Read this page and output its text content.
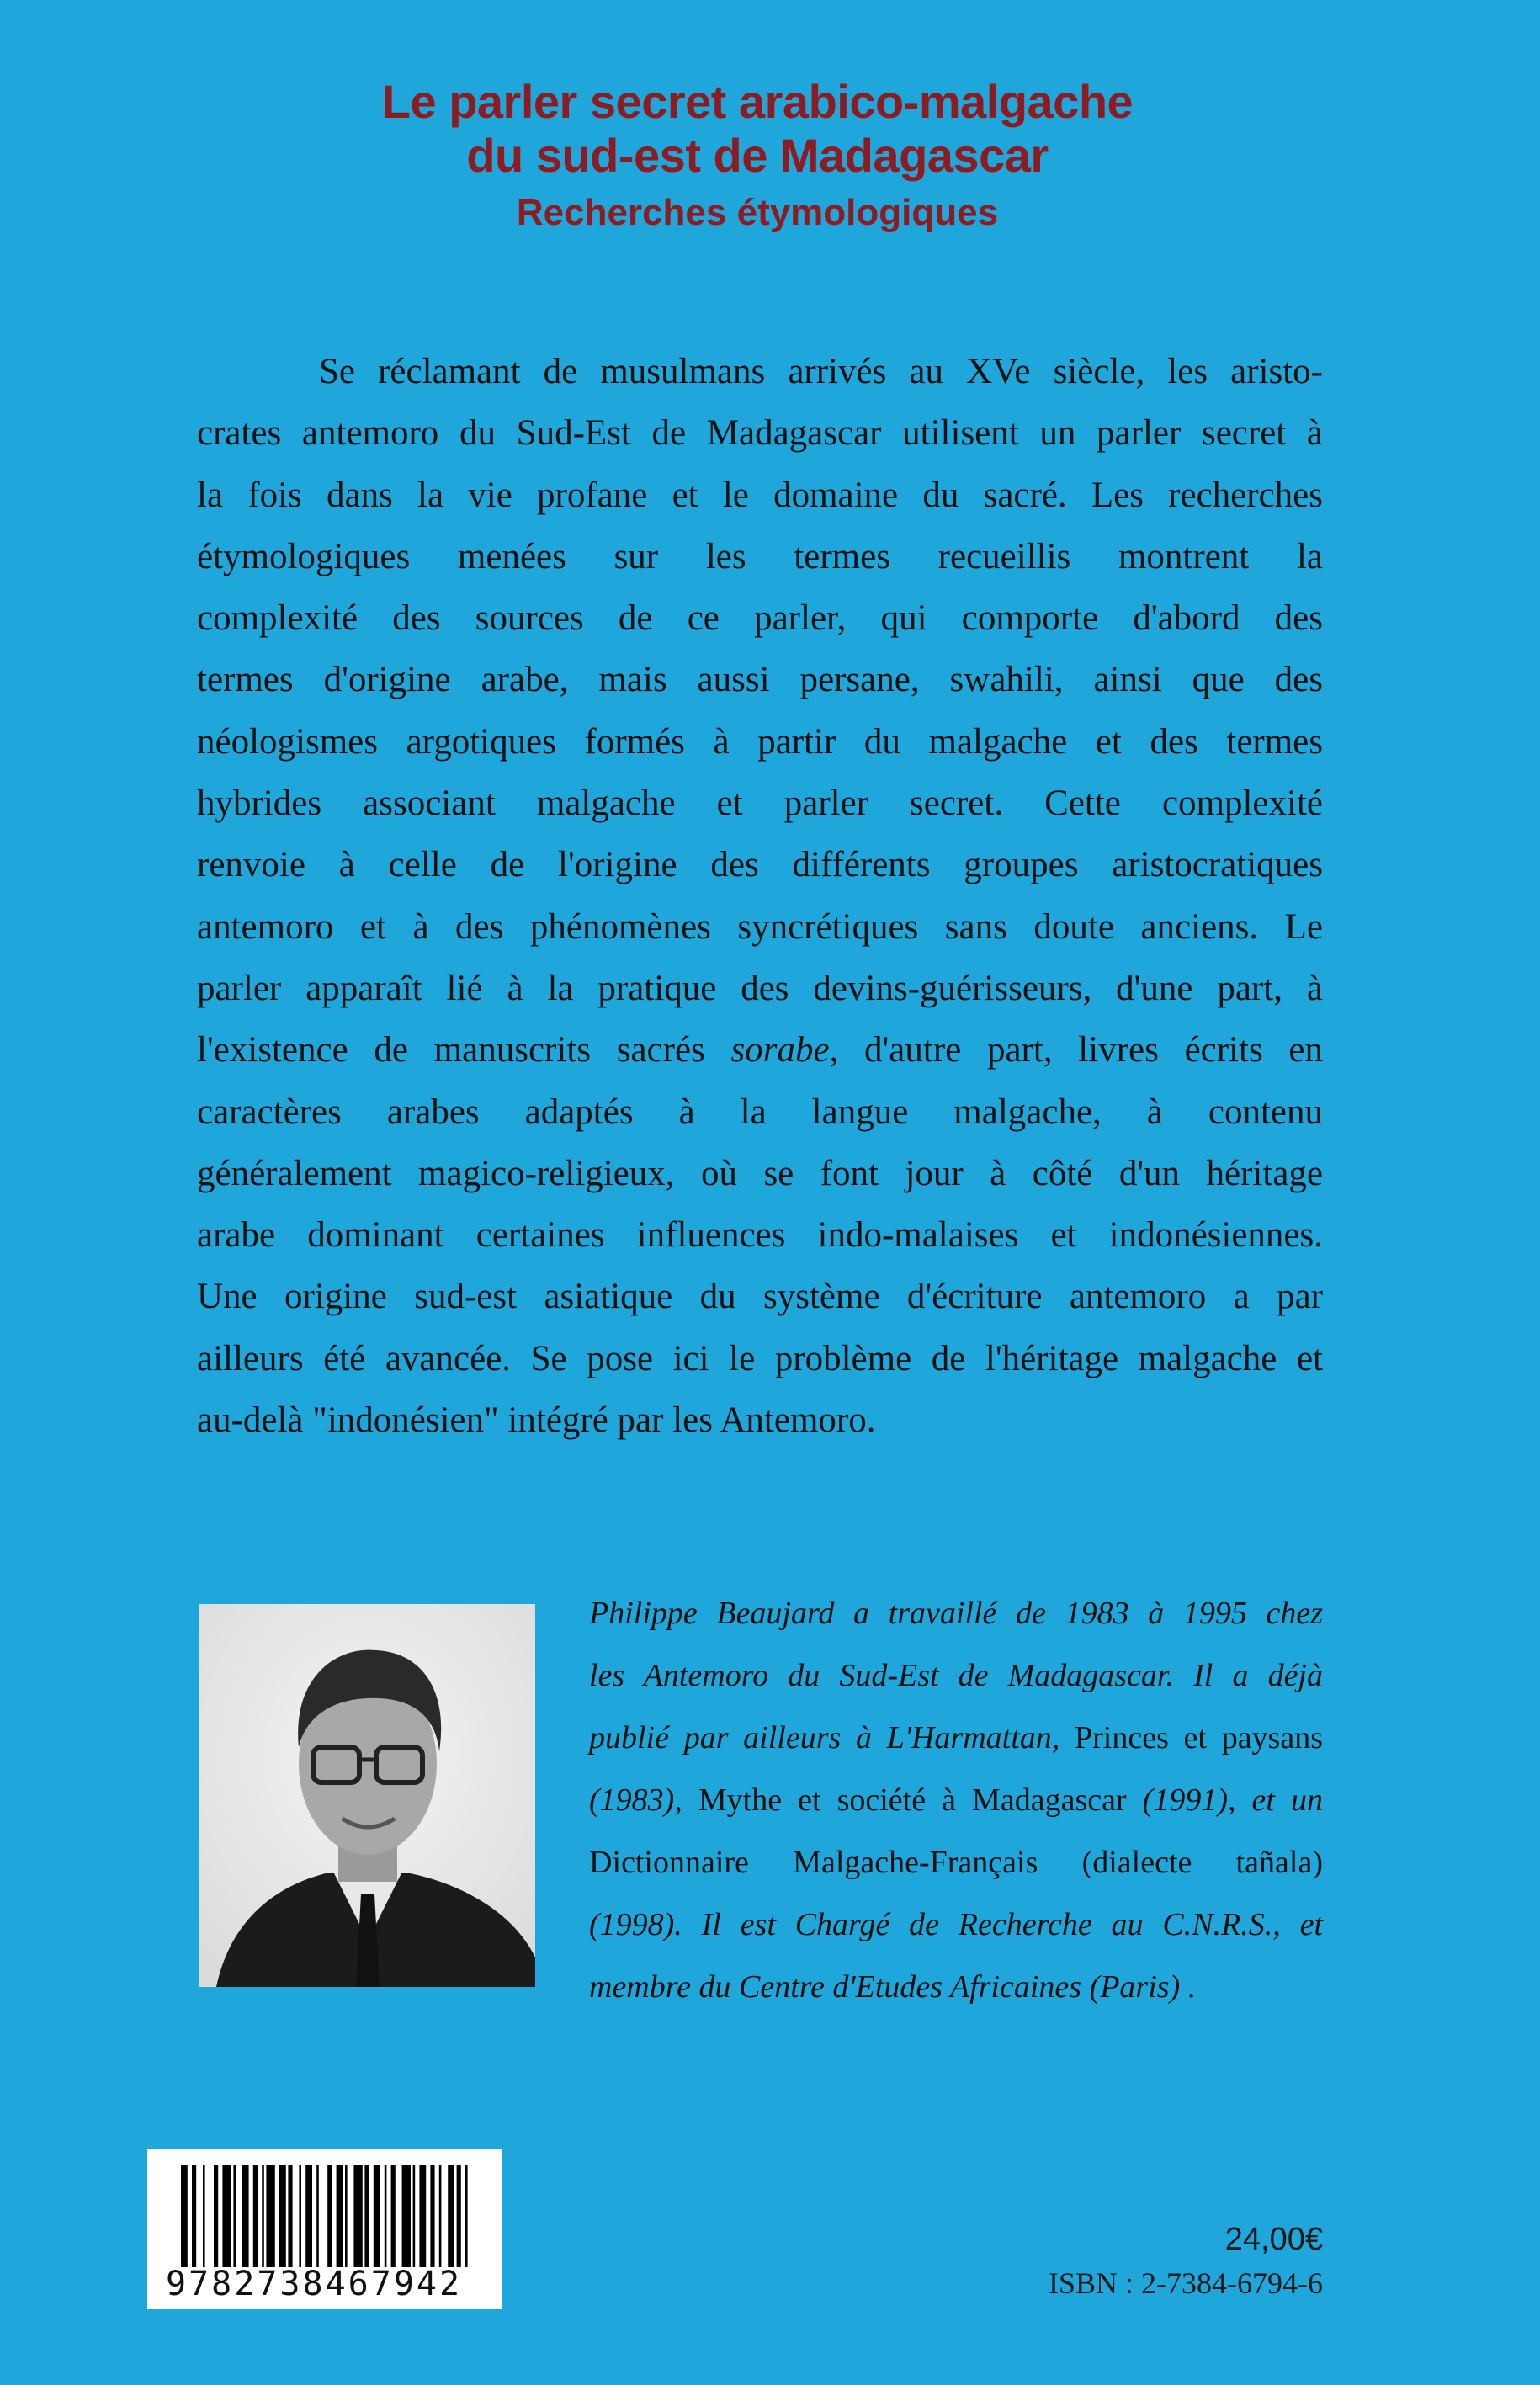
Le parler secret arabico-malgache
du sud-est de Madagascar
Recherches étymologiques
Se réclamant de musulmans arrivés au XVe siècle, les aristo-
crates antemoro du Sud-Est de Madagascar utilisent un parler secret à
la fois dans la vie profane et le domaine du sacré. Les recherches
étymologiques menées sur les termes recueillis montrent la
complexité des sources de ce parler, qui comporte d'abord des
termes d'origine arabe, mais aussi persane, swahili, ainsi que des
néologismes argotiques formés à partir du malgache et des termes
hybrides associant malgache et parler secret. Cette complexité
renvoie à celle de l'origine des différents groupes aristocratiques
antemoro et à des phénomènes syncrétiques sans doute anciens. Le
parler apparaît lié à la pratique des devins-guérisseurs, d'une part, à
l'existence de manuscrits sacrés sorabe, d'autre part, livres écrits en
caractères arabes adaptés à la langue malgache, à contenu
généralement magico-religieux, où se font jour à côté d'un héritage
arabe dominant certaines influences indo-malaises et indonésiennes.
Une origine sud-est asiatique du système d'écriture antemoro a par
ailleurs été avancée. Se pose ici le problème de l'héritage malgache et
au-delà "indonésien" intégré par les Antemoro.
Philippe Beaujard a travaillé de 1983 à 1995 chez
les Antemoro du Sud-Est de Madagascar. Il a déjà
publié par ailleurs à L'Harmattan, Princes et paysans
(1983), Mythe et société à Madagascar (1991), et un
Dictionnaire Malgache-Français (dialecte tañala)
(1998). Il est Chargé de Recherche au C.N.R.S., et
membre du Centre d'Etudes Africaines (Paris) .
9782738467942
24,00€
ISBN : 2-7384-6794-6
